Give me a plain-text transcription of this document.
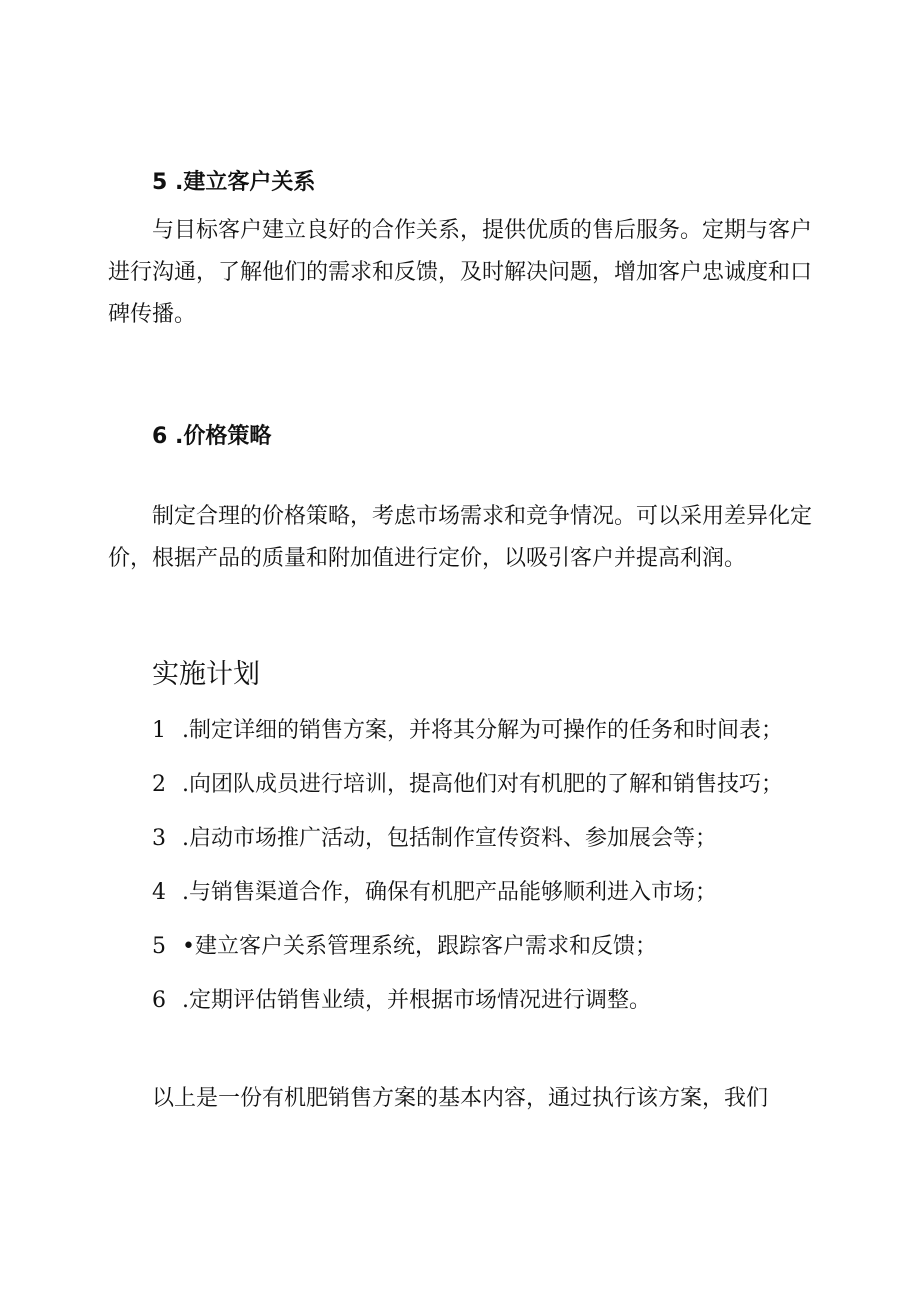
5 .建立客户关系

与目标客户建立良好的合作关系，提供优质的售后服务。定期与客户进行沟通，了解他们的需求和反馈，及时解决问题，增加客户忠诚度和口碑传播。

6 .价格策略

制定合理的价格策略，考虑市场需求和竞争情况。可以采用差异化定价，根据产品的质量和附加值进行定价，以吸引客户并提高利润。

实施计划
1 .制定详细的销售方案，并将其分解为可操作的任务和时间表；
2 .向团队成员进行培训，提高他们对有机肥的了解和销售技巧；
3 .启动市场推广活动，包括制作宣传资料、参加展会等；
4 .与销售渠道合作，确保有机肥产品能够顺利进入市场；
5 •建立客户关系管理系统，跟踪客户需求和反馈；
6 .定期评估销售业绩，并根据市场情况进行调整。

以上是一份有机肥销售方案的基本内容，通过执行该方案，我们
